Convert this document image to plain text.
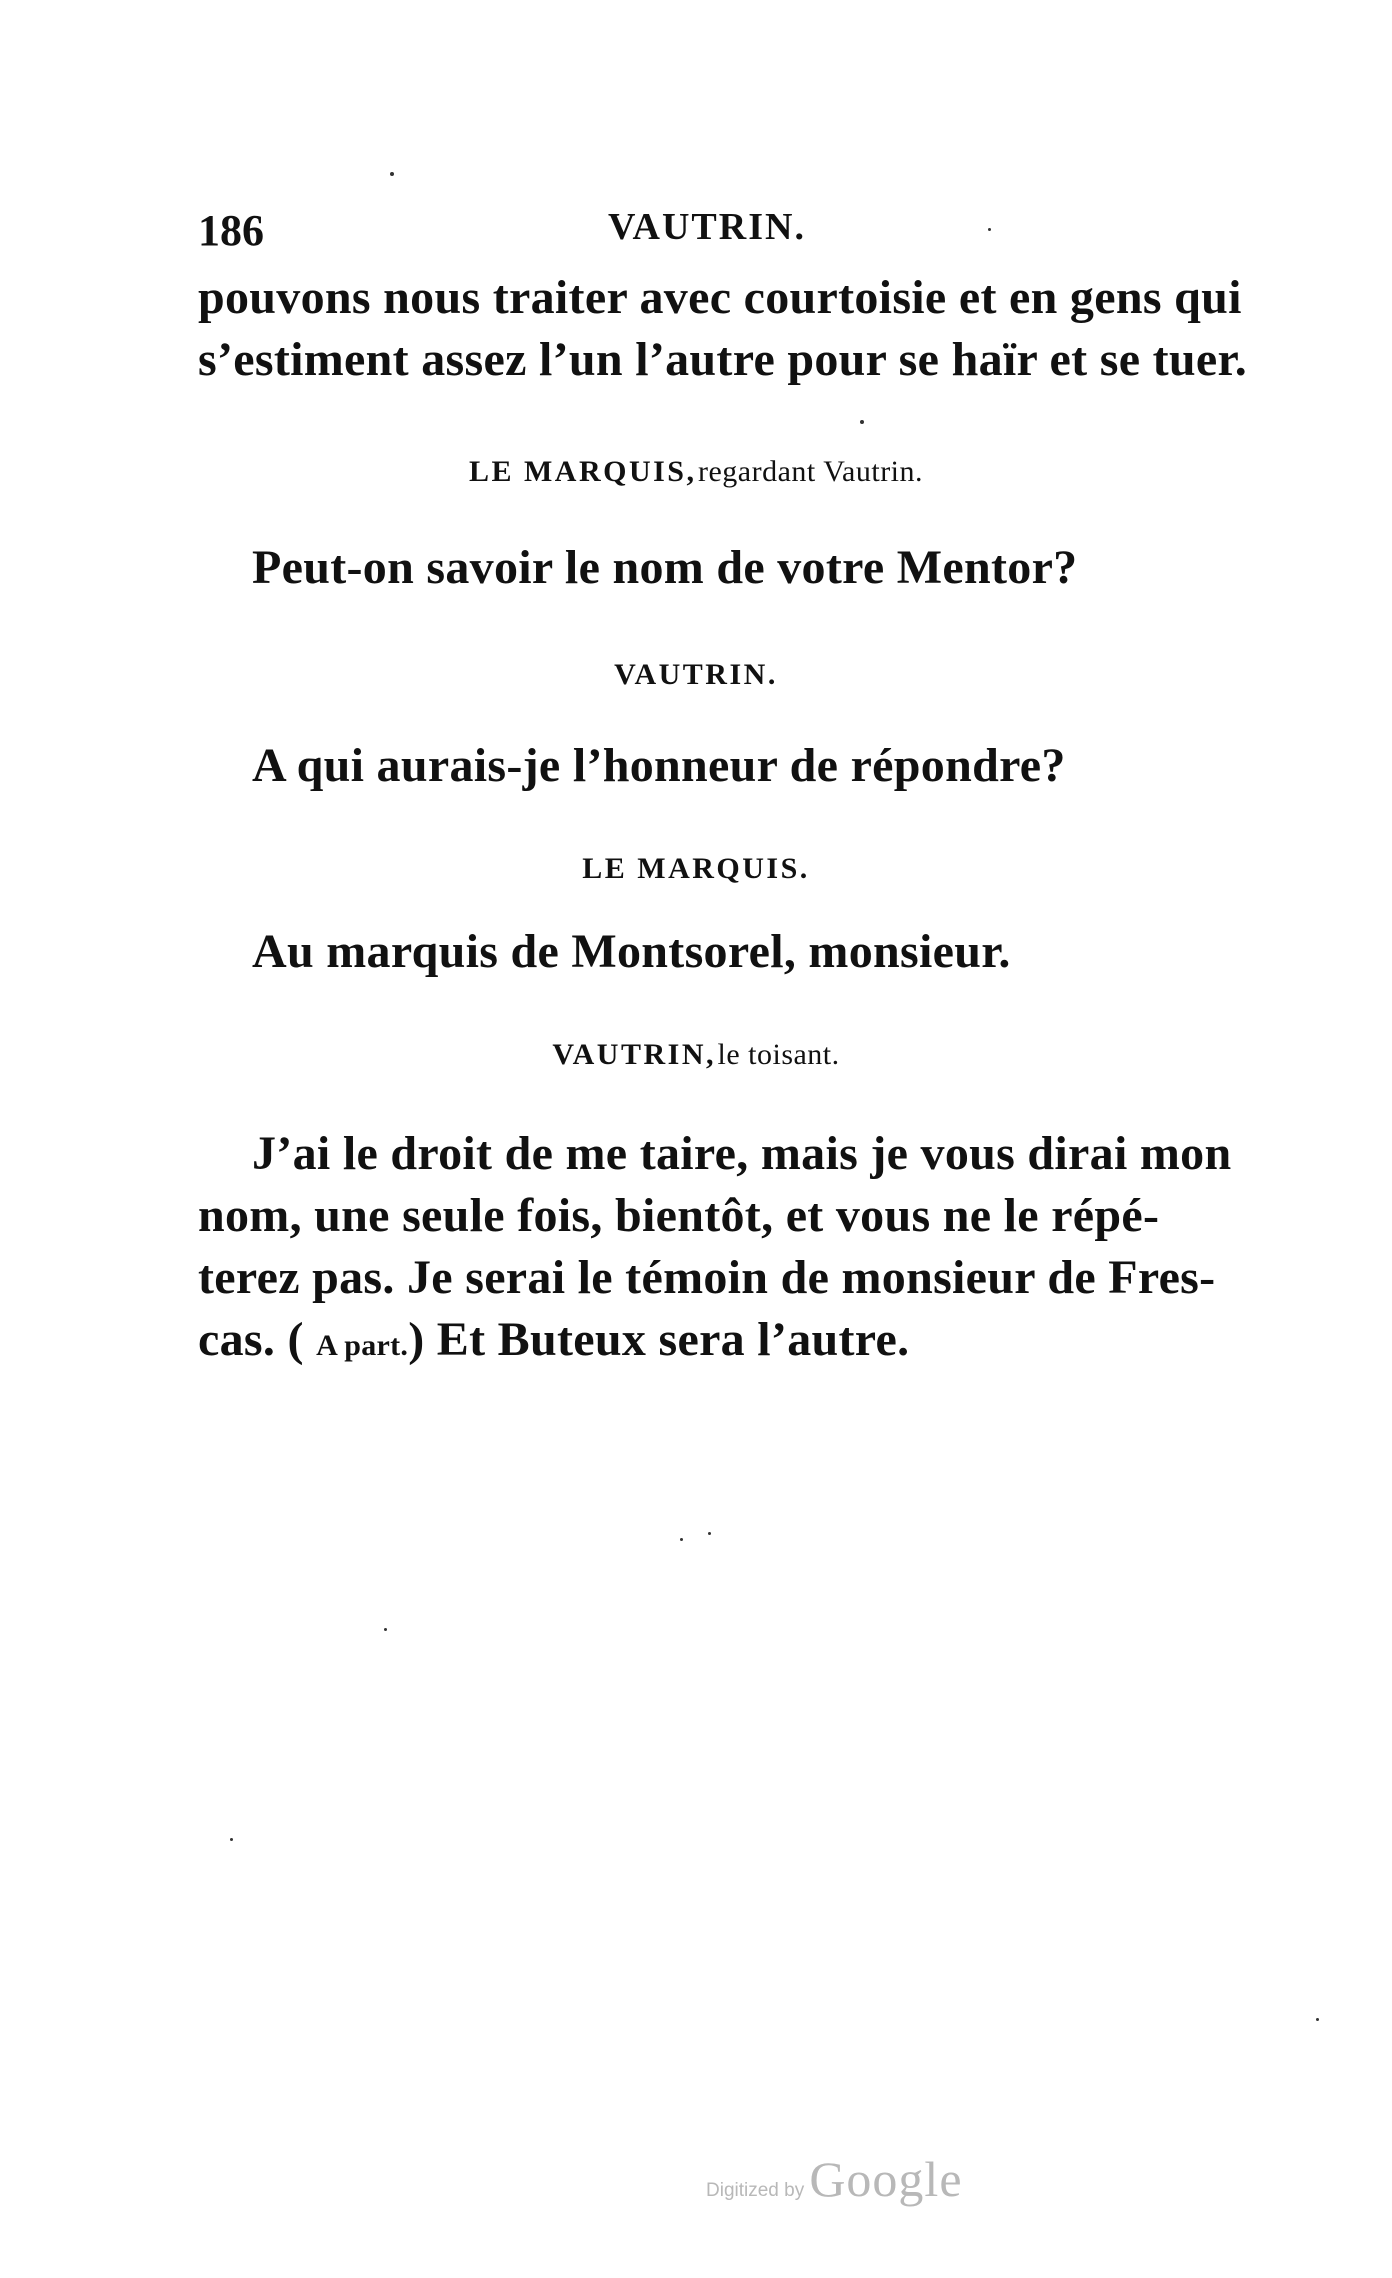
186	VAUTRIN.
pouvons nous traiter avec courtoisie et en gens qui
s’estiment assez l’un l’autre pour se haïr et se tuer.
LE MARQUIS, regardant Vautrin.
Peut-on savoir le nom de votre Mentor?
VAUTRIN.
A qui aurais-je l’honneur de répondre?
LE MARQUIS.
Au marquis de Montsorel, monsieur.
VAUTRIN, le toisant.
J’ai le droit de me taire, mais je vous dirai mon
nom, une seule fois, bientôt, et vous ne le répé-
terez pas. Je serai le témoin de monsieur de Fres-
cas. ( A part.) Et Buteux sera l’autre.
Digitized by Google
